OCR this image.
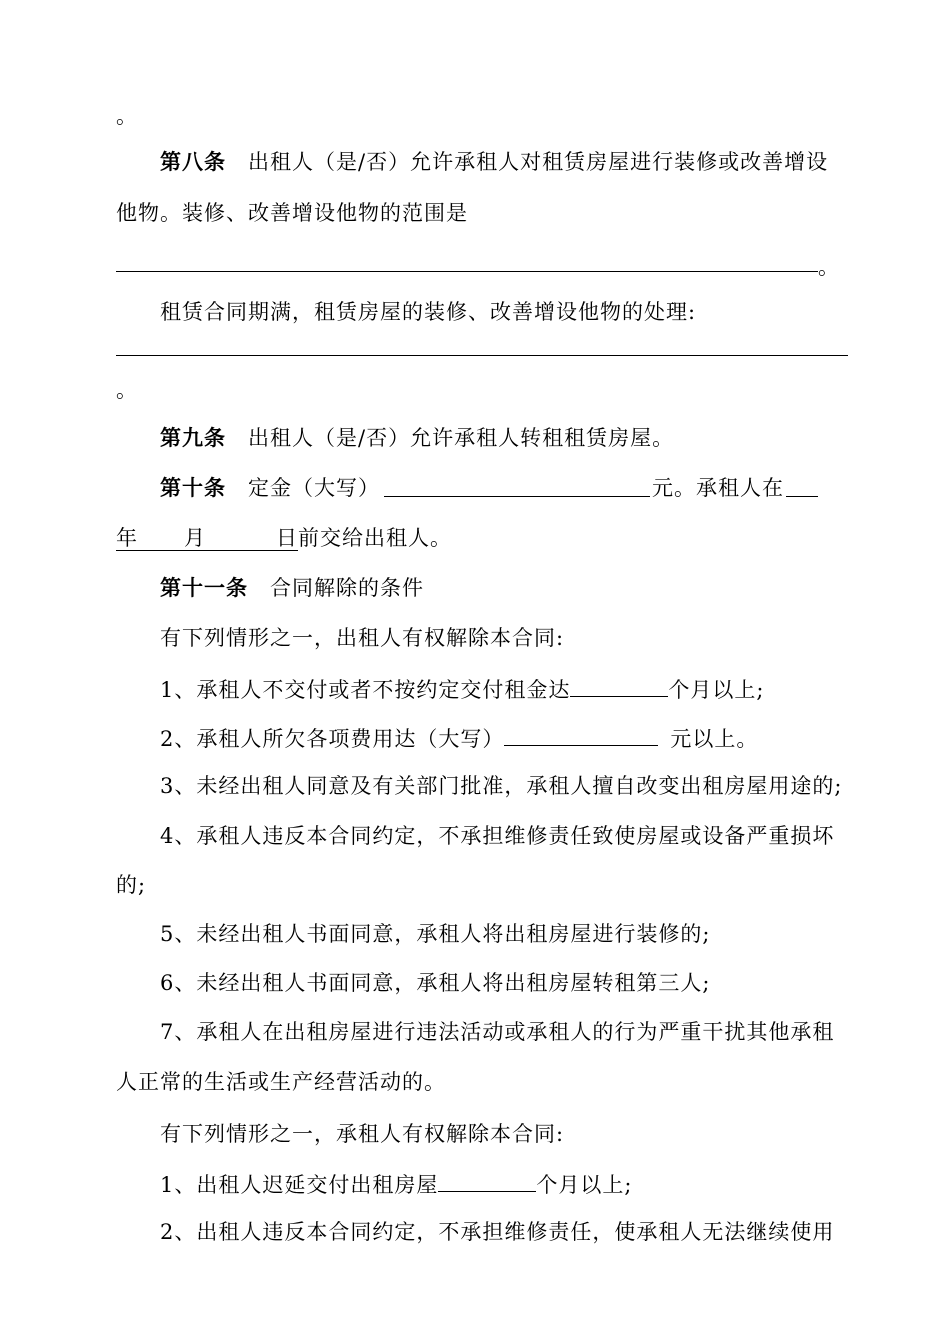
。
第八条 出租人（是/否）允许承租人对租赁房屋进行装修或改善增设
他物。装修、改善增设他物的范围是
。
租赁合同期满，租赁房屋的装修、改善增设他物的处理:
。
第九条 出租人（是/否）允许承租人转租租赁房屋。
第十条 定金（大写）	元。承租人在
年 月	日前交给出租人。
第十一条 合同解除的条件
有下列情形之一，出租人有权解除本合同:
1、承租人不交付或者不按约定交付租金达	个月以上;
2、承租人所欠各项费用达（大写）	元以上。
3、未经出租人同意及有关部门批准，承租人擅自改变出租房屋用途的;
4、承租人违反本合同约定，不承担维修责任致使房屋或设备严重损坏
的;
5、未经出租人书面同意，承租人将出租房屋进行装修的;
6、未经出租人书面同意，承租人将出租房屋转租第三人;
7、承租人在出租房屋进行违法活动或承租人的行为严重干扰其他承租
人正常的生活或生产经营活动的。
有下列情形之一，承租人有权解除本合同:
1、出租人迟延交付出租房屋	个月以上;
2、出租人违反本合同约定，不承担维修责任，使承租人无法继续使用
